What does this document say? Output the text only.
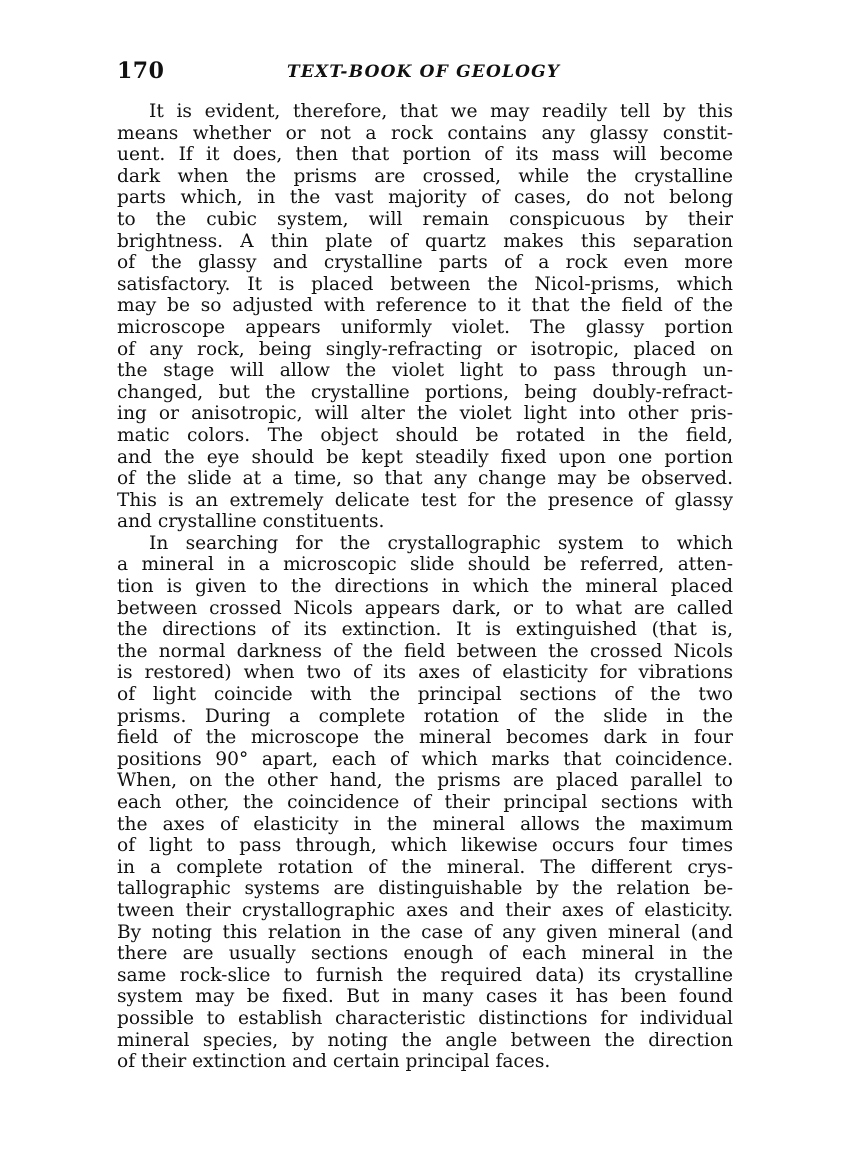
170	TEXT-BOOK OF GEOLOGY
It is evident, therefore, that we may readily tell by this
means whether or not a rock contains any glassy constit-
uent. If it does, then that portion of its mass will become
dark when the prisms are crossed, while the crystalline
parts which, in the vast majority of cases, do not belong
to the cubic system, will remain conspicuous by their
brightness. A thin plate of quartz makes this separation
of the glassy and crystalline parts of a rock even more
satisfactory. It is placed between the Nicol-prisms, which
may be so adjusted with reference to it that the field of the
microscope appears uniformly violet. The glassy portion
of any rock, being singly-refracting or isotropic, placed on
the stage will allow the violet light to pass through un-
changed, but the crystalline portions, being doubly-refract-
ing or anisotropic, will alter the violet light into other pris-
matic colors. The object should be rotated in the field,
and the eye should be kept steadily fixed upon one portion
of the slide at a time, so that any change may be observed.
This is an extremely delicate test for the presence of glassy
and crystalline constituents.
In searching for the crystallographic system to which
a mineral in a microscopic slide should be referred, atten-
tion is given to the directions in which the mineral placed
between crossed Nicols appears dark, or to what are called
the directions of its extinction. It is extinguished (that is,
the normal darkness of the field between the crossed Nicols
is restored) when two of its axes of elasticity for vibrations
of light coincide with the principal sections of the two
prisms. During a complete rotation of the slide in the
field of the microscope the mineral becomes dark in four
positions 90° apart, each of which marks that coincidence.
When, on the other hand, the prisms are placed parallel to
each other, the coincidence of their principal sections with
the axes of elasticity in the mineral allows the maximum
of light to pass through, which likewise occurs four times
in a complete rotation of the mineral. The different crys-
tallographic systems are distinguishable by the relation be-
tween their crystallographic axes and their axes of elasticity.
By noting this relation in the case of any given mineral (and
there are usually sections enough of each mineral in the
same rock-slice to furnish the required data) its crystalline
system may be fixed. But in many cases it has been found
possible to establish characteristic distinctions for individual
mineral species, by noting the angle between the direction
of their extinction and certain principal faces.
